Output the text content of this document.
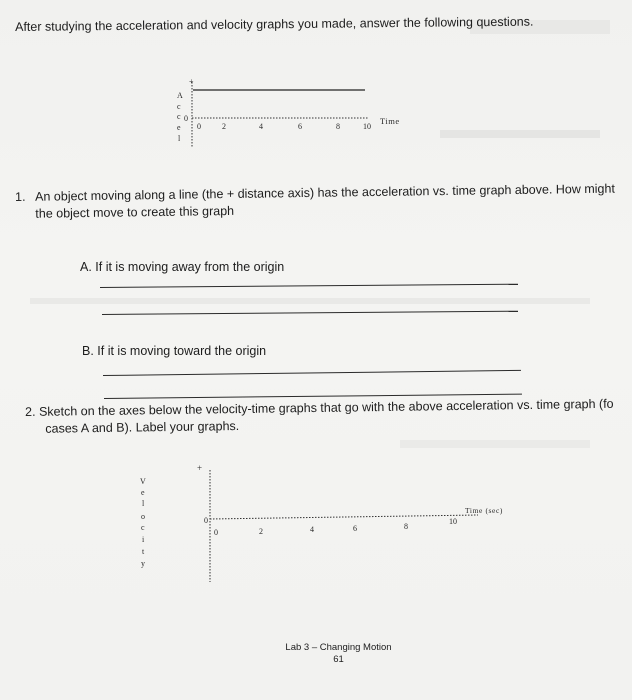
After studying the acceleration and velocity graphs you made, answer the following questions.
+
A
c
c
e
l
0
0	2	4	6	8	10
Time
1. An object moving along a line (the + distance axis) has the acceleration vs. time graph above. How might
the object move to create this graph
A. If it is moving away from the origin
B. If it is moving toward the origin
2. Sketch on the axes below the velocity-time graphs that go with the above acceleration vs. time graph (fo
cases A and B). Label your graphs.
+
V
e
l
o
c
i
t
y
0
0	2	4	6	8
10
Time (sec)
Lab 3 – Changing Motion
61
